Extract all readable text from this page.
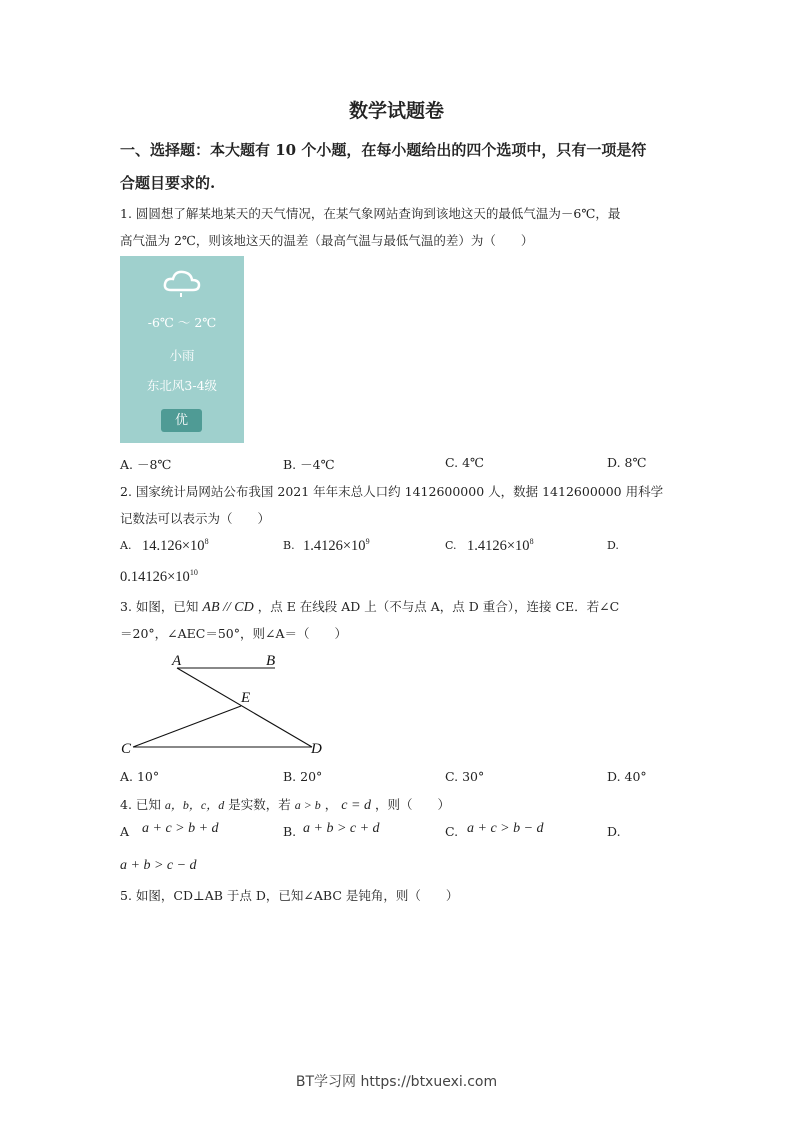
数学试题卷
一、选择题：本大题有 10 个小题，在每小题给出的四个选项中，只有一项是符
合题目要求的.
1. 圆圆想了解某地某天的天气情况，在某气象网站查询到该地这天的最低气温为－6℃，最
高气温为 2℃，则该地这天的温差（最高气温与最低气温的差）为（　　）
-6℃ ～ 2℃
小雨
东北风3-4级
优
A. －8℃	B. －4℃	C. 4℃	D. 8℃
2. 国家统计局网站公布我国 2021 年年末总人口约 1412600000 人，数据 1412600000 用科学
记数法可以表示为（　　）
A. $14.126\times 10^8$	B. $1.4126\times 10^9$	C. $1.4126\times 10^8$	D.
$0.14126\times 10^{10}$
3. 如图，已知 AB // CD ，点 E 在线段 AD 上（不与点 A，点 D 重合），连接 CE．若∠C
＝20°，∠AEC＝50°，则∠A＝（　　）
A	B
E
C	D
A. 10°	B. 20°	C. 30°	D. 40°
4. 已知 a，b，c，d 是实数，若 a > b ， c = d ，则（　　）
A a + c > b + d	B. a + b > c + d	C. a + c > b − d	D.
a + b > c − d
5. 如图，CD⊥AB 于点 D，已知∠ABC 是钝角，则（　　）
BT学习网 https://btxuexi.com
